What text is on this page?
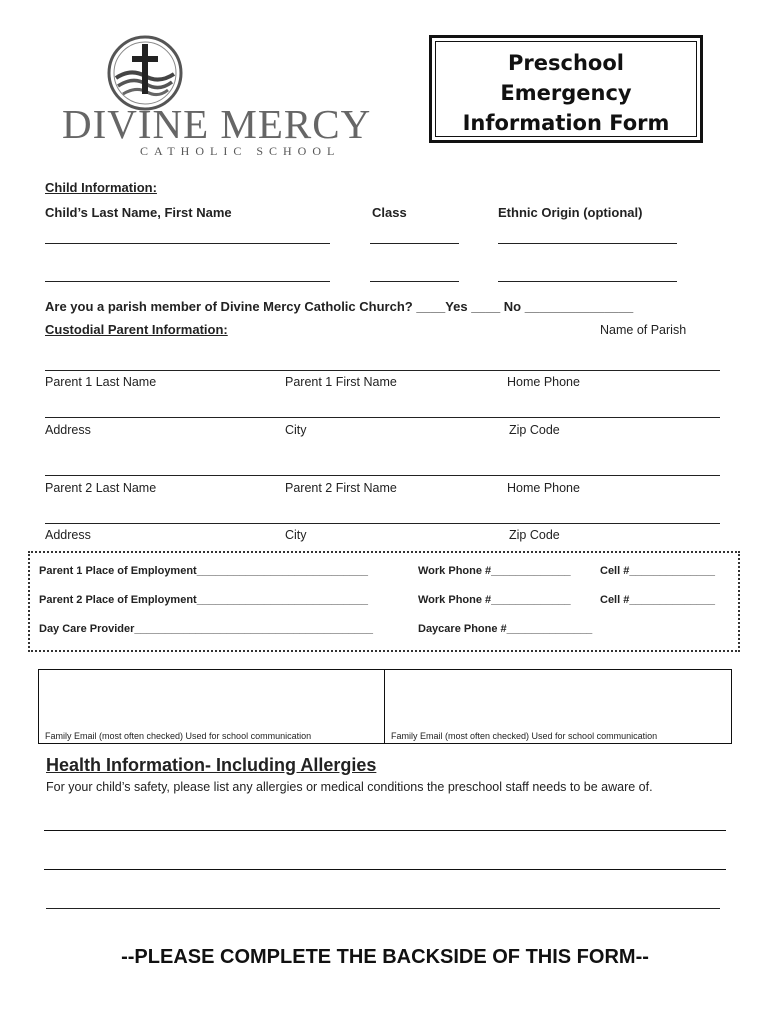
DIVINE MERCY
CATHOLIC SCHOOL
Preschool
Emergency
Information Form
Child Information:
Child’s Last Name, First Name	Class	Ethnic Origin (optional)
Are you a parish member of Divine Mercy Catholic Church? ____Yes ____ No _______________
Name of Parish
Custodial Parent Information:
Parent 1 Last Name	Parent 1 First Name	Home Phone
Address	City	Zip Code
Parent 2 Last Name	Parent 2 First Name	Home Phone
Address	City	Zip Code
Parent 1 Place of Employment____________________________	Work Phone #_____________	Cell #______________
Parent 2 Place of Employment____________________________	Work Phone #_____________	Cell #______________
Day Care Provider_______________________________________	Daycare Phone #______________
Family Email (most often checked) Used for school communication	Family Email (most often checked) Used for school communication
Health Information- Including Allergies
For your child’s safety, please list any allergies or medical conditions the preschool staff needs to be aware of.
--PLEASE COMPLETE THE BACKSIDE OF THIS FORM--
